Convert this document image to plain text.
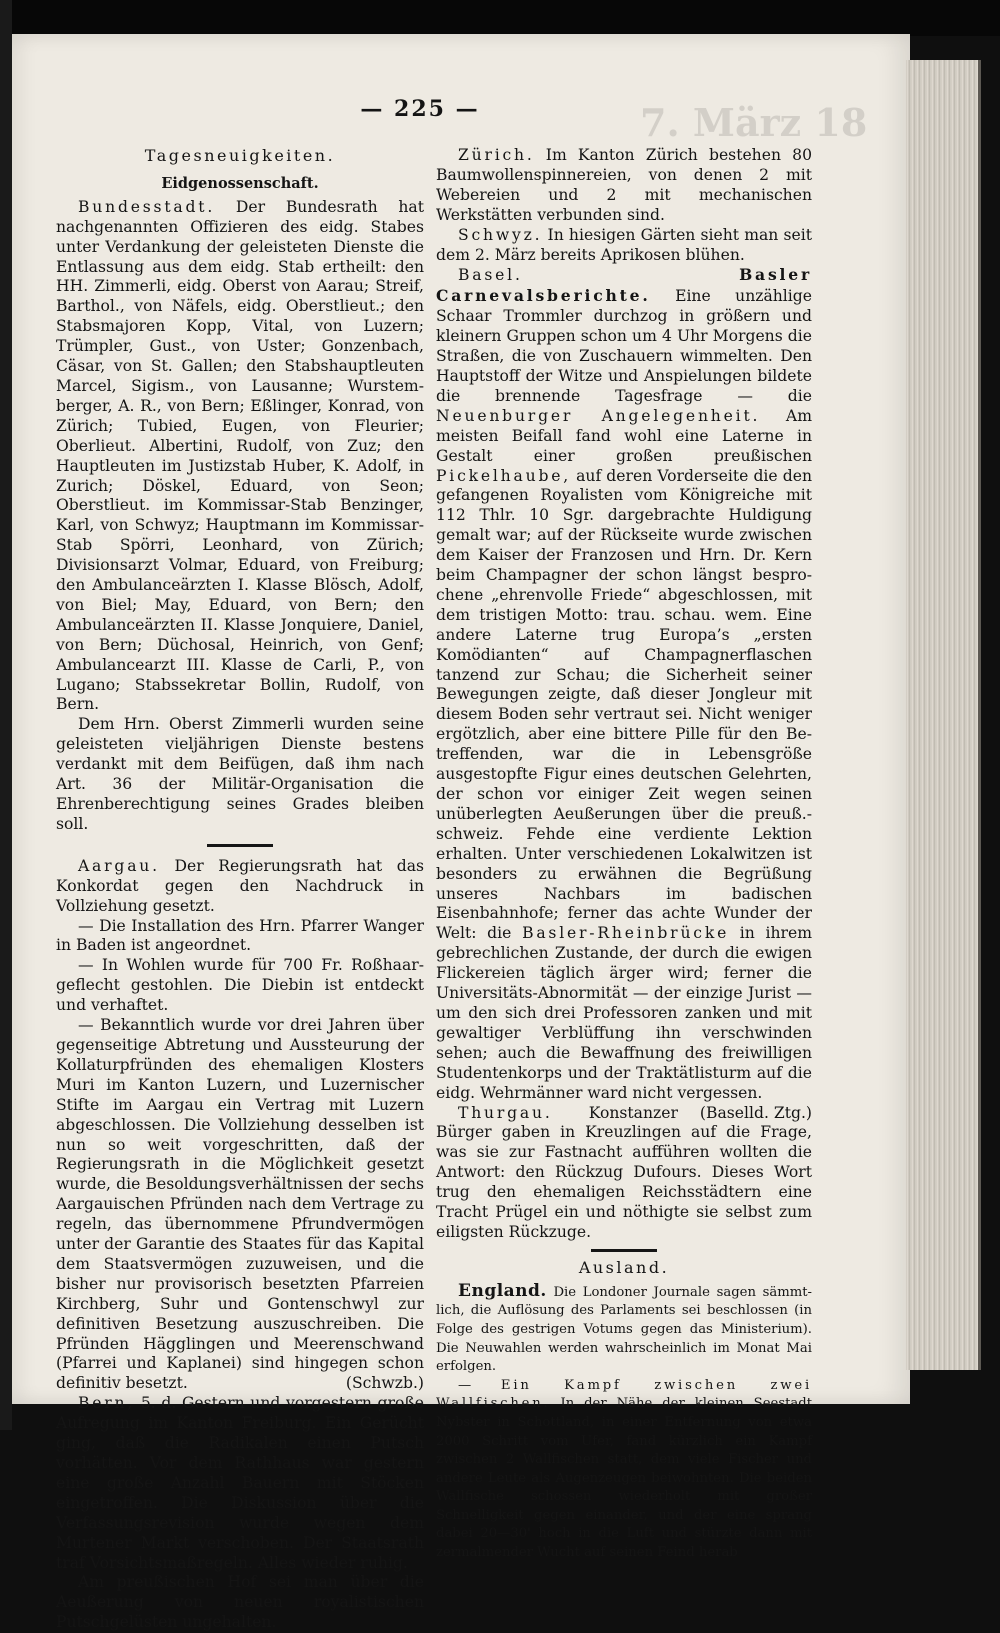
7. März 18
— 225 —
Tagesneuigkeiten.
Eidgenossenschaft.

Bundesstadt. Der Bundesrath hat nachgenannten Offizieren des eidg. Stabes unter Verdankung der geleisteten Dienste die Entlassung aus dem eidg. Stab ertheilt: den HH. Zimmerli, eidg. Oberst von Aarau; Streif, Barthol., von Näfels, eidg. Oberstlieut.; den Stabsmajoren Kopp, Vital, von Luzern; Trümpler, Gust., von Uster; Gonzenbach, Cäsar, von St. Gallen; den Stabshauptleuten Marcel, Sigism., von Lausanne; Wurstemberger, A. R., von Bern; Eßlinger, Konrad, von Zürich; Tubied, Eugen, von Fleurier; Oberlieut. Albertini, Rudolf, von Zuz; den Hauptleuten im Justizstab Huber, K. Adolf, in Zurich; Döskel, Eduard, von Seon; Oberstlieut. im Kommissar-Stab Benzinger, Karl, von Schwyz; Hauptmann im Kommissar-Stab Spörri, Leonhard, von Zürich; Divisionsarzt Volmar, Eduard, von Freiburg; den Ambulanceärzten I. Klasse Blösch, Adolf, von Biel; May, Eduard, von Bern; den Ambulanceärzten II. Klasse Jonquiere, Daniel, von Bern; Düchosal, Heinrich, von Genf; Ambulancearzt III. Klasse de Carli, P., von Lugano; Stabssekretar Bollin, Rudolf, von Bern.

Dem Hrn. Oberst Zimmerli wurden seine geleisteten vieljährigen Dienste bestens verdankt mit dem Beifügen, daß ihm nach Art. 36 der Militär-Organisation die Ehrenberechtigung seines Grades bleiben soll.

Aargau. Der Regierungsrath hat das Konkordat gegen den Nachdruck in Vollziehung gesetzt.

— Die Installation des Hrn. Pfarrer Wanger in Baden ist angeordnet.

— In Wohlen wurde für 700 Fr. Roßhaargeflecht gestohlen. Die Diebin ist entdeckt und verhaftet.

— Bekanntlich wurde vor drei Jahren über gegenseitige Abtretung und Aussteurung der Kollaturpfründen des ehemaligen Klosters Muri im Kanton Luzern, und Luzernischer Stifte im Aargau ein Vertrag mit Luzern abgeschlossen. Die Vollziehung desselben ist nun so weit vorgeschritten, daß der Regierungsrath in die Möglichkeit gesetzt wurde, die Besoldungsverhältnissen der sechs Aargauischen Pfründen nach dem Vertrage zu regeln, das übernommene Pfrundvermögen unter der Garantie des Staates für das Kapital dem Staatsvermögen zuzuweisen, und die bisher nur provisorisch besetzten Pfarreien Kirchberg, Suhr und Gontenschwyl zur definitiven Besetzung auszuschreiben. Die Pfründen Hägglingen und Meerenschwand (Pfarrei und Kaplanei) sind hingegen schon definitiv besetzt.	(Schwzb.)

Bern, 5. d. Gestern und vorgestern große Aufregung im Kanton Freiburg. Ein Gerücht ging, daß die Radikalen einen Putsch vorhätten. Vor dem Rathhaus war gestern eine große Anzahl Bauern mit Stöcken eingetroffen. Die Diskussion über die Verfassungsrevision wurde wegen dem Murtener Markt verschoben. Der Staatsrath traf Vorsichtsmaßregeln. Alles wieder ruhig.

Am preußischen Hof sei man über die Aeußerung von neuen royalistischen Putschgelüsten ungehalten.

Zürich. Im Kanton Zürich bestehen 80 Baumwollenspinnereien, von denen 2 mit Webereien und 2 mit mechanischen Werkstätten verbunden sind.

Schwyz. In hiesigen Gärten sieht man seit dem 2. März bereits Aprikosen blühen.

Basel. Basler Carnevalsberichte. Eine unzählige Schaar Trommler durchzog in größern und kleinern Gruppen schon um 4 Uhr Morgens die Straßen, die von Zuschauern wimmelten. Den Hauptstoff der Witze und Anspielungen bildete die brennende Tagesfrage — die Neuenburger Angelegenheit. Am meisten Beifall fand wohl eine Laterne in Gestalt einer großen preußischen Pickelhaube, auf deren Vorderseite die den gefangenen Royalisten vom Königreiche mit 112 Thlr. 10 Sgr. dargebrachte Huldigung gemalt war; auf der Rückseite wurde zwischen dem Kaiser der Franzosen und Hrn. Dr. Kern beim Champagner der schon längst besprochene „ehrenvolle Friede“ abgeschlossen, mit dem tristigen Motto: trau. schau. wem. Eine andere Laterne trug Europa’s „ersten Komödianten“ auf Champagnerflaschen tanzend zur Schau; die Sicherheit seiner Bewegungen zeigte, daß dieser Jongleur mit diesem Boden sehr vertraut sei. Nicht weniger ergötzlich, aber eine bittere Pille für den Betreffenden, war die in Lebensgröße ausgestopfte Figur eines deutschen Gelehrten, der schon vor einiger Zeit wegen seinen unüberlegten Aeußerungen über die preuß.-schweiz. Fehde eine verdiente Lektion erhalten. Unter verschiedenen Lokalwitzen ist besonders zu erwähnen die Begrüßung unseres Nachbars im badischen Eisenbahnhofe; ferner das achte Wunder der Welt: die Basler-Rheinbrücke in ihrem gebrechlichen Zustande, der durch die ewigen Flickereien täglich ärger wird; ferner die Universitäts-Abnormität — der einzige Jurist — um den sich drei Professoren zanken und mit gewaltiger Verblüffung ihn verschwinden sehen; auch die Bewaffnung des freiwilligen Studentenkorps und der Traktätlisturm auf die eidg. Wehrmänner ward nicht vergessen.
(Baselld. Ztg.)

Thurgau. Konstanzer Bürger gaben in Kreuzlingen auf die Frage, was sie zur Fastnacht aufführen wollten die Antwort: den Rückzug Dufours. Dieses Wort trug den ehemaligen Reichsstädtern eine Tracht Prügel ein und nöthigte sie selbst zum eiligsten Rückzuge.

Ausland.

England. Die Londoner Journale sagen sämmtlich, die Auflösung des Parlaments sei beschlossen (in Folge des gestrigen Votums gegen das Ministerium). Die Neuwahlen werden wahrscheinlich im Monat Mai erfolgen.

— Ein Kampf zwischen zwei Wallfischen. In der Nähe der kleinen Seestadt Nybster in Schottland, in einer Entfernung von etwa 2000 Schritt vom Ufer, fand kürzlich ein Kampf zwischen 2 Wallfischen statt, dem viele Fischer und andere Leute als Augenzeugen beiwohnten. Die beiden Wallfische schossen wiederholt mit großer Schnelligkeit gegen einander, und der eine sprang dabei 20—30' hoch in die Luft und stürzte dann mit zermalmender Wucht auf seinen Feind herab
